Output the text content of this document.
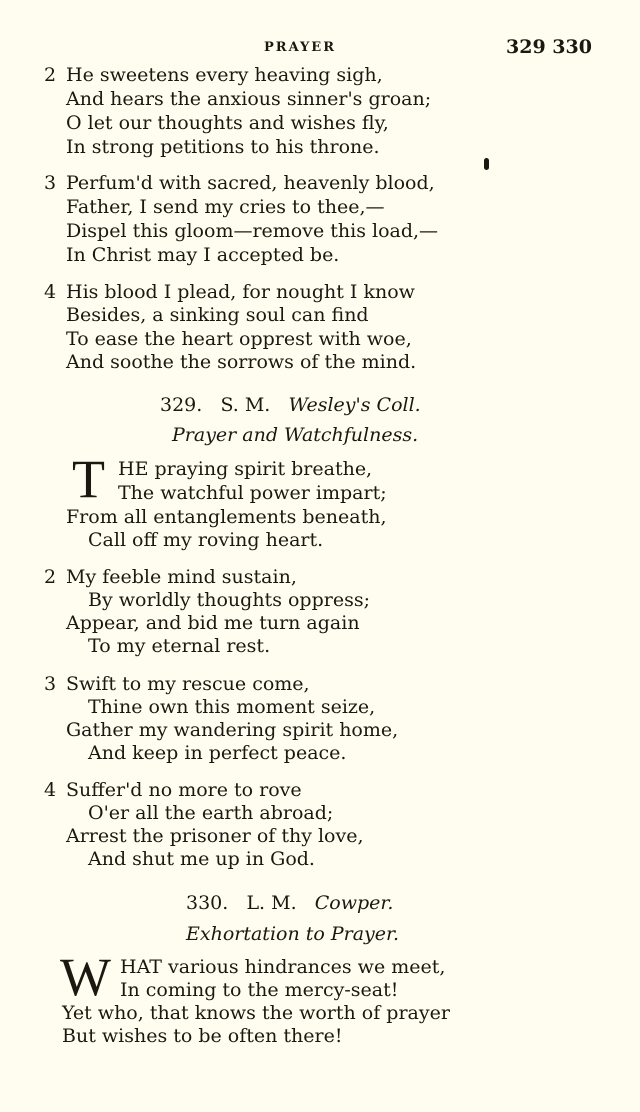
PRAYER	329 330
2 He sweetens every heaving sigh,
And hears the anxious sinner's groan;
O let our thoughts and wishes fly,
In strong petitions to his throne.
3 Perfum'd with sacred, heavenly blood,
Father, I send my cries to thee,—
Dispel this gloom—remove this load,—
In Christ may I accepted be.
4 His blood I plead, for nought I know
Besides, a sinking soul can find
To ease the heart opprest with woe,
And soothe the sorrows of the mind.
329. S. M. Wesley's Coll.
Prayer and Watchfulness.
T HE praying spirit breathe,
The watchful power impart;
From all entanglements beneath,
Call off my roving heart.
2 My feeble mind sustain,
By worldly thoughts oppress;
Appear, and bid me turn again
To my eternal rest.
3 Swift to my rescue come,
Thine own this moment seize,
Gather my wandering spirit home,
And keep in perfect peace.
4 Suffer'd no more to rove
O'er all the earth abroad;
Arrest the prisoner of thy love,
And shut me up in God.
330. L. M. Cowper.
Exhortation to Prayer.
W HAT various hindrances we meet,
In coming to the mercy-seat!
Yet who, that knows the worth of prayer
But wishes to be often there!
